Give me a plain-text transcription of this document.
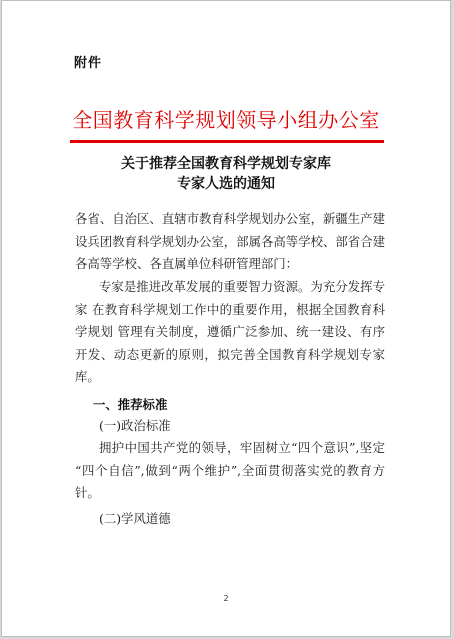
附件
全国教育科学规划领导小组办公室
关于推荐全国教育科学规划专家库
专家人选的通知
各省、自治区、直辖市教育科学规划办公室，新疆生产建设兵团教育科学规划办公室，部属各高等学校、部省合建各高等学校、各直属单位科研管理部门：
专家是推进改革发展的重要智力资源。为充分发挥专家 在教育科学规划工作中的重要作用，根据全国教育科学规划 管理有关制度，遵循广泛参加、统一建设、有序开发、动态更新的原则，拟完善全国教育科学规划专家库。
一、推荐标准
(一)政治标准
拥护中国共产党的领导，牢固树立“四个意识”,坚定 “四个自信”,做到“两个维护”,全面贯彻落实党的教育方针。
(二)学风道德
2
